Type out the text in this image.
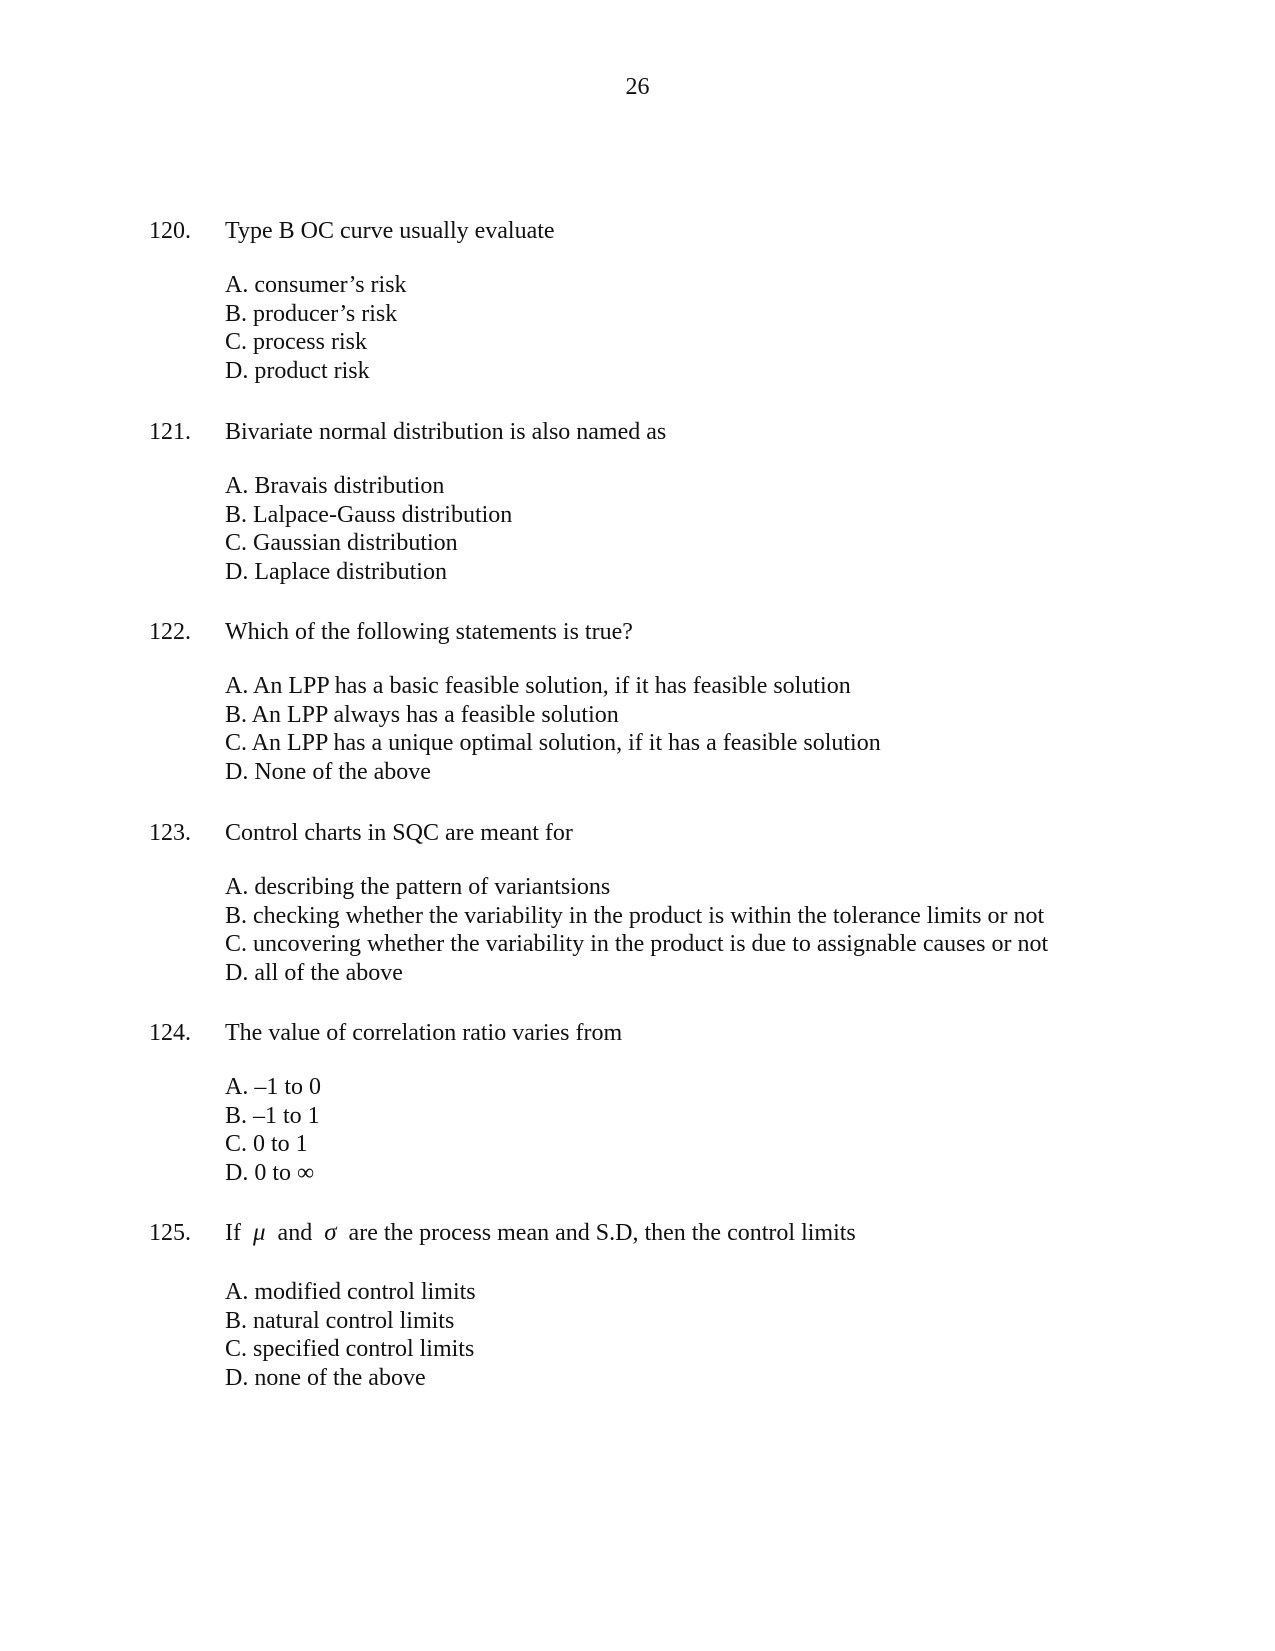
26
120. Type B OC curve usually evaluate
A. consumer’s risk
B. producer’s risk
C. process risk
D. product risk
121. Bivariate normal distribution is also named as
A. Bravais distribution
B. Lalpace-Gauss distribution
C. Gaussian distribution
D. Laplace distribution
122. Which of the following statements is true?
A. An LPP has a basic feasible solution, if it has feasible solution
B. An LPP always has a feasible solution
C. An LPP has a unique optimal solution, if it has a feasible solution
D. None of the above
123. Control charts in SQC are meant for
A. describing the pattern of variantsions
B. checking whether the variability in the product is within the tolerance limits or not
C. uncovering whether the variability in the product is due to assignable causes or not
D. all of the above
124. The value of correlation ratio varies from
A. –1 to 0
B. –1 to 1
C. 0 to 1
D. 0 to ∞
125. If μ and σ are the process mean and S.D, then the control limits
A. modified control limits
B. natural control limits
C. specified control limits
D. none of the above
